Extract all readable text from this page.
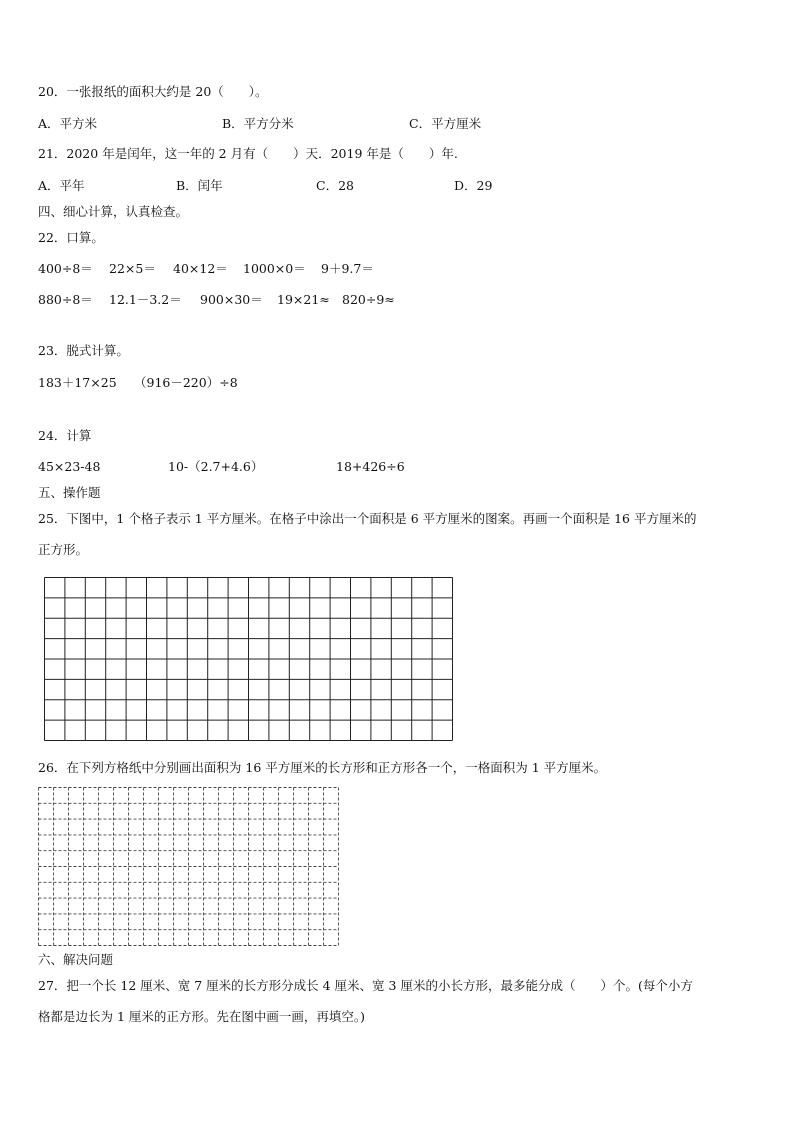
20．一张报纸的面积大约是 20（　　）。
A．平方米	B．平方分米	C．平方厘米
21．2020 年是闰年，这一年的 2 月有（　　）天．2019 年是（　　）年.
A．平年	B．闰年	C．28	D．29
四、细心计算，认真检查。
22．口算。
400÷8＝ 22×5＝ 40×12＝ 1000×0＝ 9＋9.7＝
880÷8＝ 12.1－3.2＝ 900×30＝ 19×21≈ 820÷9≈
23．脱式计算。
183＋17×25 （916－220）÷8
24．计算
45×23-48	10-（2.7+4.6）	18+426÷6
五、操作题
25．下图中，1 个格子表示 1 平方厘米。在格子中涂出一个面积是 6 平方厘米的图案。再画一个面积是 16 平方厘米的
正方形。
26．在下列方格纸中分别画出面积为 16 平方厘米的长方形和正方形各一个，一格面积为 1 平方厘米。
六、解决问题
27．把一个长 12 厘米、宽 7 厘米的长方形分成长 4 厘米、宽 3 厘米的小长方形，最多能分成（　　）个。(每个小方
格都是边长为 1 厘米的正方形。先在图中画一画，再填空。)
